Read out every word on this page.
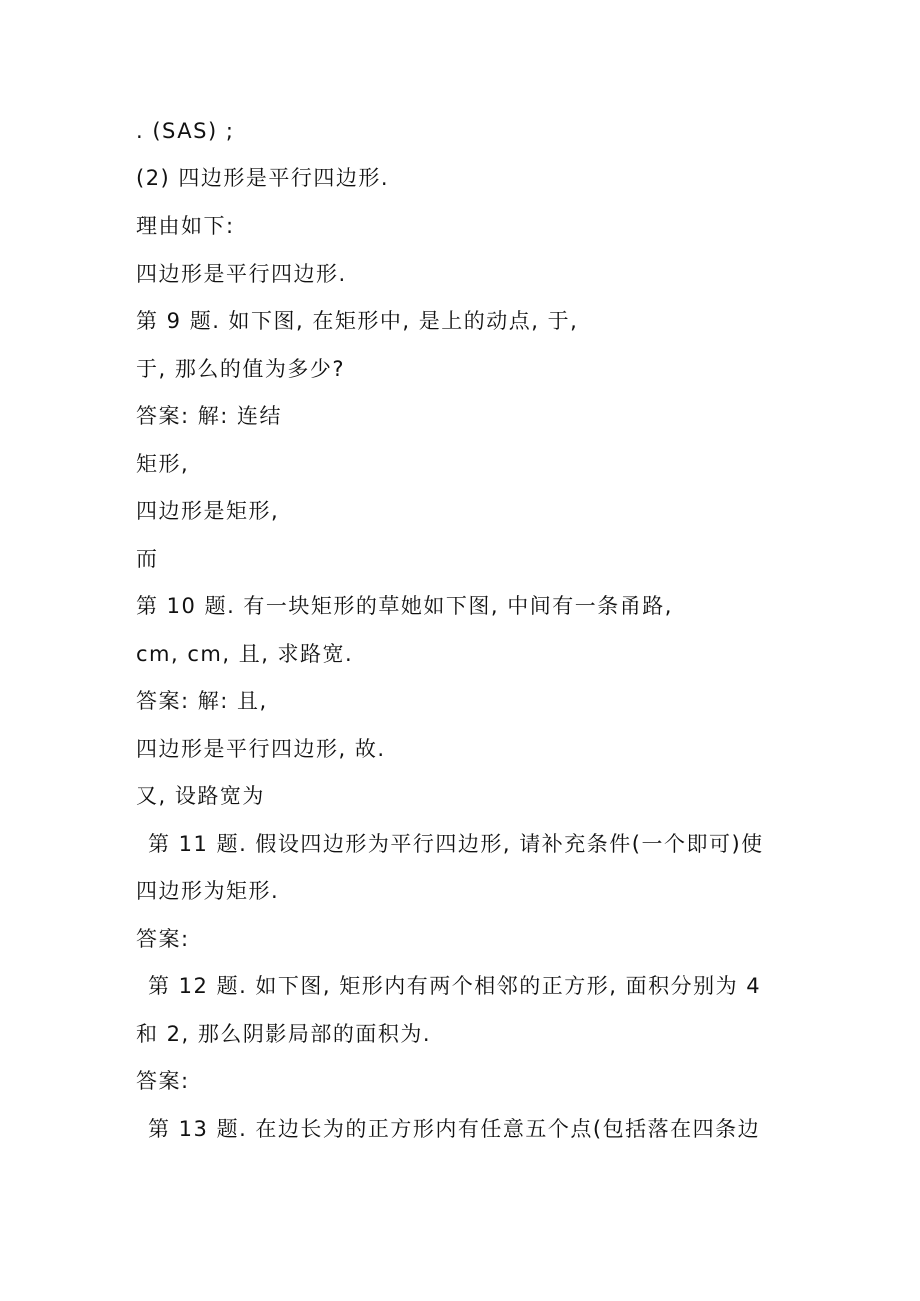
. (SAS) ;
(2) 四边形是平行四边形.
理由如下:
四边形是平行四边形.
第 9 题. 如下图, 在矩形中, 是上的动点, 于,
于, 那么的值为多少?
答案: 解: 连结
矩形,
四边形是矩形,
而
第 10 题. 有一块矩形的草她如下图, 中间有一条甬路,
cm, cm, 且, 求路宽.
答案: 解: 且,
四边形是平行四边形, 故.
又, 设路宽为
第 11 题. 假设四边形为平行四边形, 请补充条件(一个即可)使
四边形为矩形.
答案:
第 12 题. 如下图, 矩形内有两个相邻的正方形, 面积分别为 4
和 2, 那么阴影局部的面积为.
答案:
第 13 题. 在边长为的正方形内有任意五个点(包括落在四条边
